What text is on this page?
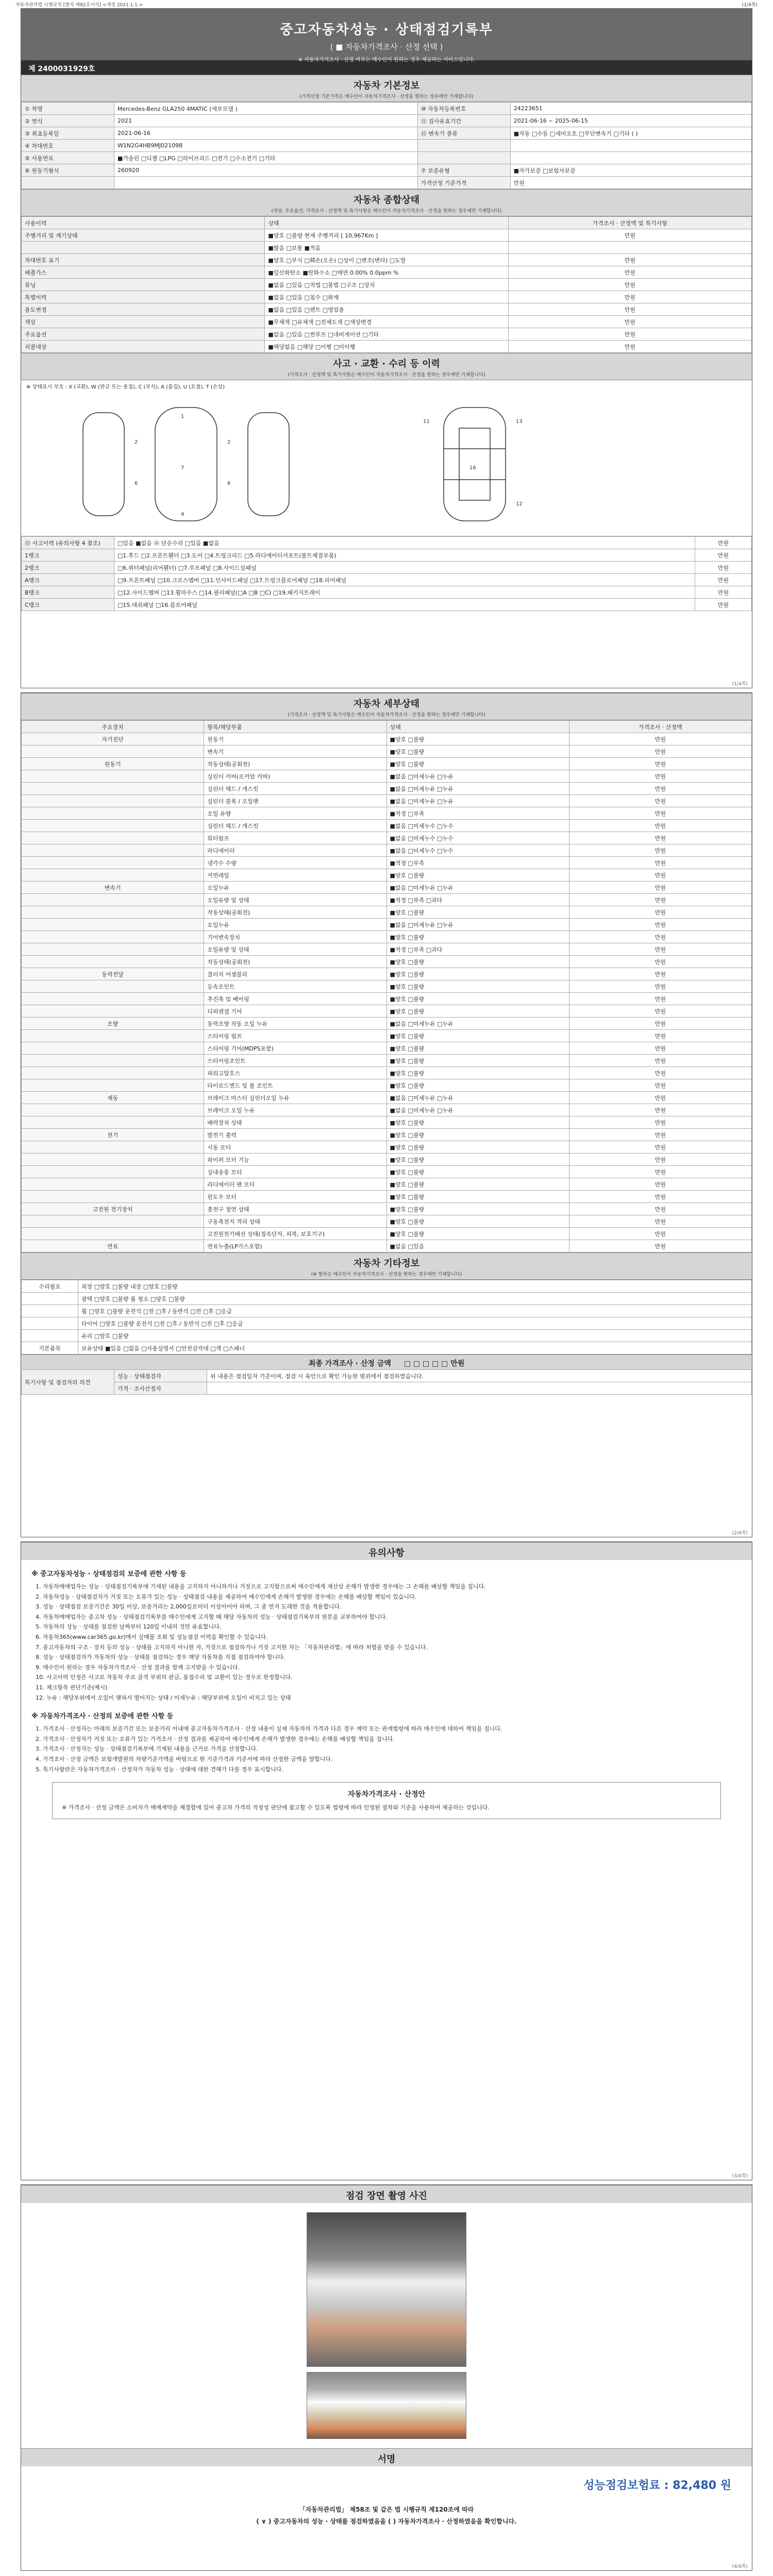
자동차관리법 시행규칙 [별지 제82호서식] <개정 2021.1.1.>	(1/4쪽)
중고자동차성능 · 상태점검기록부
( ■ 자동차가격조사 · 산정 선택 )
※ 자동차가격조사 · 산정 여부는 매수인이 원하는 경우 제공하는 서비스입니다.
제 2400031929호
자동차 기본정보
(가격산정 기준가격은 매수인이 자동차가격조사 · 산정을 원하는 경우에만 기재합니다)
① 차명	Mercedes-Benz GLA250 4MATIC (세부모델 )	⑩ 자동차등록번호	24223651
② 연식	2021	⑪ 검사유효기간	2021-06-16 ~ 2025-06-15
③ 최초등록일	2021-06-16	⑫ 변속기 종류	■자동 □수동 □세미오토 □무단변속기 □기타 ( )
④ 차대번호	W1N2G4HB9MJ021098		
⑤ 사용연료	■가솔린 □디젤 □LPG □하이브리드 □전기 □수소전기 □기타		
⑥ 원동기형식	260920	⑦ 보증유형	■자가보증 □보험사보증
		가격산정 기준가격	만원
자동차 종합상태
(색상, 주요옵션, 가격조사 · 산정액 및 특기사항은 매수인이 자동차가격조사 · 산정을 원하는 경우에만 기재합니다)
사용이력	상태	가격조사 · 산정액 및 특기사항
주행거리 및 계기상태	■양호 □불량 현재 주행거리 [ 10,967Km ]	만원
	■많음 □보통 ■적음	
차대번호 표기	■양호 □부식 □훼손(오손) □상이 □변조(변타) □도말	만원
배출가스	■일산화탄소 ■탄화수소 □매연 0.00% 0.0ppm %	만원
튜닝	■없음 □있음 □적법 □불법 □구조 □장치	만원
특별이력	■없음 □있음 □침수 □화재	만원
용도변경	■없음 □있음 □렌트 □영업용	만원
색상	■무채색 □유채색 □전체도색 □색상변경	만원
주요옵션	■없음 □있음 □썬루프 □네비게이션 □기타	만원
리콜대상	■해당없음 □해당 □이행 □미이행	만원
사고 · 교환 · 수리 등 이력
(가격조사 · 산정액 및 특기사항은 매수인이 자동차가격조사 · 산정을 원하는 경우에만 기재합니다)
※ 상태표시 부호 : X (교환), W (판금 또는 용접), C (부식), A (흠집), U (요철), T (손상)
1
7
4
2	2
6	6
11	13
16
12
⑮ 사고이력 (유의사항 4 참조)	□있음 ■없음 ⑯ 단순수리 □있음 ■없음	만원
1랭크	□1.후드 □2.프론트휀더 □3.도어 □4.트렁크리드 □5.라디에이터서포트(볼트체결부품)	만원
2랭크	□6.쿼터패널(리어휀더) □7.루프패널 □8.사이드실패널	만원
A랭크	□9.프론트패널 □10.크로스멤버 □11.인사이드패널 □17.트렁크플로어패널 □18.리어패널	만원
B랭크	□12.사이드멤버 □13.휠하우스 □14.필러패널(□A □B □C) □19.패키지트레이	만원
C랭크	□15.대쉬패널 □16.플로어패널	만원
(1/4쪽)
자동차 세부상태
(가격조사 · 산정액 및 특기사항은 매수인이 자동차가격조사 · 산정을 원하는 경우에만 기재합니다)
주요장치	항목/해당부품	상태	가격조사 · 산정액
자기진단	원동기	■양호 □불량	만원
	변속기	■양호 □불량	만원
원동기	작동상태(공회전)	■양호 □불량	만원
	실린더 커버(로커암 커버)	■없음 □미세누유 □누유	만원
	실린더 헤드 / 개스킷	■없음 □미세누유 □누유	만원
	실린더 블록 / 오일팬	■없음 □미세누유 □누유	만원
	오일 유량	■적정 □부족	만원
	실린더 헤드 / 개스킷	■없음 □미세누수 □누수	만원
	워터펌프	■없음 □미세누수 □누수	만원
	라디에이터	■없음 □미세누수 □누수	만원
	냉각수 수량	■적정 □부족	만원
	커먼레일	■양호 □불량	만원
변속기	오일누유	■없음 □미세누유 □누유	만원
	오일유량 및 상태	■적정 □부족 □과다	만원
	작동상태(공회전)	■양호 □불량	만원
	오일누유	■없음 □미세누유 □누유	만원
	기어변속장치	■양호 □불량	만원
	오일유량 및 상태	■적정 □부족 □과다	만원
	작동상태(공회전)	■양호 □불량	만원
동력전달	클러치 어셈블리	■양호 □불량	만원
	등속조인트	■양호 □불량	만원
	추진축 및 베어링	■양호 □불량	만원
	디퍼렌셜 기어	■양호 □불량	만원
조향	동력조향 작동 오일 누유	■없음 □미세누유 □누유	만원
	스티어링 펌프	■양호 □불량	만원
	스티어링 기어(MDPS포함)	■양호 □불량	만원
	스티어링조인트	■양호 □불량	만원
	파워고압호스	■양호 □불량	만원
	타이로드엔드 및 볼 조인트	■양호 □불량	만원
제동	브레이크 마스터 실린더오일 누유	■없음 □미세누유 □누유	만원
	브레이크 오일 누유	■없음 □미세누유 □누유	만원
	배력장치 상태	■양호 □불량	만원
전기	발전기 출력	■양호 □불량	만원
	시동 모터	■양호 □불량	만원
	와이퍼 모터 기능	■양호 □불량	만원
	실내송풍 모터	■양호 □불량	만원
	라디에이터 팬 모터	■양호 □불량	만원
	윈도우 모터	■양호 □불량	만원
고전원 전기장치	충전구 절연 상태	■양호 □불량	만원
	구동축전지 격리 상태	■양호 □불량	만원
	고전원전기배선 상태(접속단자, 피복, 보호기구)	■양호 □불량	만원
연료	연료누출(LP가스포함)	■없음 □있음	만원
자동차 기타정보
(※ 항목은 매수인이 자동차가격조사 · 산정을 원하는 경우에만 기재합니다)
수리필요	외장 □양호 □불량 내장 □양호 □불량
	광택 □양호 □불량 룸 청소 □양호 □불량
	휠 □양호 □불량 운전석 □전 □후 / 동반석 □전 □후 □응급
	타이어 □양호 □불량 운전석 □전 □후 / 동반석 □전 □후 □응급
	유리 □양호 □불량
기본품목	보유상태 ■있음 □없음 □사용설명서 □안전삼각대 □잭 □스패너
최종 가격조사 · 산정 금액 □ □ □ □ □ 만원
특기사항 및 점검자의 의견	성능 · 상태점검자	위 내용은 점검일자 기준이며, 점검 시 육안으로 확인 가능한 범위에서 점검하였습니다.
	가격 · 조사산정자	
(2/4쪽)
유의사항
※ 중고자동차성능 · 상태점검의 보증에 관한 사항 등

1. 자동차매매업자는 성능 · 상태점검기록부에 기재된 내용을 고지하지 아니하거나 거짓으로 고지함으로써 매수인에게 재산상 손해가 발생한 경우에는 그 손해를 배상할 책임을 집니다.

2. 자동차성능 · 상태점검자가 거짓 또는 오류가 있는 성능 · 상태점검 내용을 제공하여 매수인에게 손해가 발생한 경우에는 손해를 배상할 책임이 있습니다.

3. 성능 · 상태점검 보증기간은 30일 이상, 보증거리는 2,000킬로미터 이상이어야 하며, 그 중 먼저 도래한 것을 적용합니다.

4. 자동차매매업자는 중고차 성능 · 상태점검기록부를 매수인에게 고지할 때 해당 자동차의 성능 · 상태점검기록부의 원본을 교부하여야 합니다.

5. 자동차의 성능 · 상태를 점검한 날짜부터 120일 이내의 것만 유효합니다.

6. 자동차365(www.car365.go.kr)에서 실매물 조회 및 성능점검 이력을 확인할 수 있습니다.

7. 중고자동차의 구조 · 장치 등의 성능 · 상태를 고지하지 아니한 자, 거짓으로 점검하거나 거짓 고지한 자는 「자동차관리법」에 따라 처벌을 받을 수 있습니다.

8. 성능 · 상태점검자가 자동차의 성능 · 상태를 점검하는 경우 해당 자동차를 직접 점검하여야 합니다.

9. 매수인이 원하는 경우 자동차가격조사 · 산정 결과를 함께 고지받을 수 있습니다.

10. 사고이력 인정은 사고로 자동차 주요 골격 부위의 판금, 용접수리 및 교환이 있는 경우로 한정합니다.

11. 체크항목 판단기준(예시)

12. 누유 : 해당부위에서 오일이 맺혀서 떨어지는 상태 / 미세누유 : 해당부위에 오일이 비치고 있는 상태

※ 자동차가격조사 · 산정의 보증에 관한 사항 등

1. 가격조사 · 산정자는 아래의 보증기간 또는 보증거리 이내에 중고자동차가격조사 · 산정 내용이 실제 자동차의 가격과 다른 경우 계약 또는 관계법령에 따라 매수인에 대하여 책임을 집니다.

2. 가격조사 · 산정자가 거짓 또는 오류가 있는 가격조사 · 산정 결과를 제공하여 매수인에게 손해가 발생한 경우에는 손해를 배상할 책임을 집니다.

3. 가격조사 · 산정자는 성능 · 상태점검기록부에 기재된 내용을 근거로 가격을 산정합니다.

4. 가격조사 · 산정 금액은 보험개발원의 차량기준가액을 바탕으로 한 기준가격과 기준서에 따라 산정한 금액을 말합니다.

5. 특기사항란은 자동차가격조사 · 산정자가 자동차 성능 · 상태에 대한 견해가 다를 경우 표시합니다.

자동차가격조사 · 산정안
※ 가격조사 · 산정 금액은 소비자가 매매계약을 체결함에 있어 중고차 가격의 적정성 판단에 참고할 수 있도록 법령에 따라 인정된 절차와 기준을 사용하여 제공하는 것입니다.
(3/4쪽)
점검 장면 촬영 사진
서명
성능점검보험료 : 82,480 원
「자동차관리법」 제58조 및 같은 법 시행규칙 제120조에 따라
( ∨ ) 중고자동차의 성능 · 상태를 점검하였음을 ( ) 자동차가격조사 · 산정하였음을 확인합니다.
(4/4쪽)
